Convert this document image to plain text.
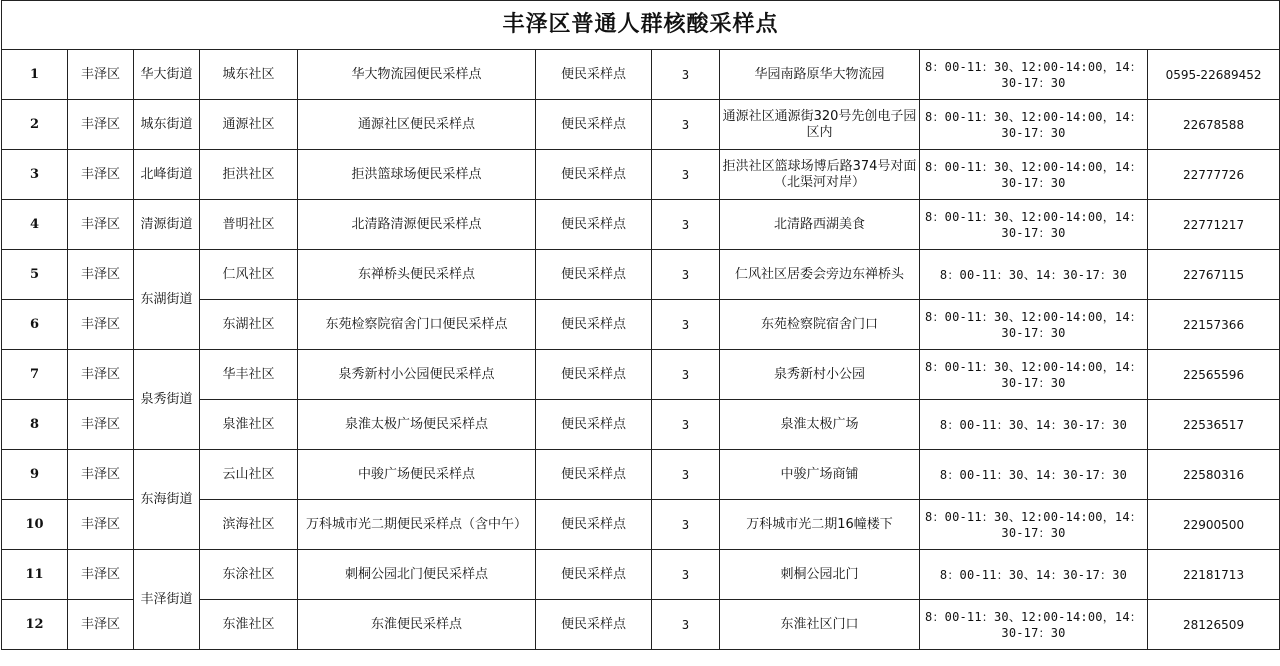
丰泽区普通人群核酸采样点									
1	丰泽区	华大街道	城东社区	华大物流园便民采样点	便民采样点	3	华园南路原华大物流园	8：00-11：30、12:00-14:00，14：30-17：30	0595-22689452
2	丰泽区	城东街道	通源社区	通源社区便民采样点	便民采样点	3	通源社区通源街320号先创电子园区内	8：00-11：30、12:00-14:00，14：30-17：30	22678588
3	丰泽区	北峰街道	拒洪社区	拒洪篮球场便民采样点	便民采样点	3	拒洪社区篮球场博后路374号对面（北渠河对岸）	8：00-11：30、12:00-14:00，14：30-17：30	22777726
4	丰泽区	清源街道	普明社区	北清路清源便民采样点	便民采样点	3	北清路西湖美食	8：00-11：30、12:00-14:00，14：30-17：30	22771217
5	丰泽区	东湖街道	仁风社区	东禅桥头便民采样点	便民采样点	3	仁风社区居委会旁边东禅桥头	8：00-11：30、14：30-17：30	22767115
6	丰泽区		东湖社区	东苑检察院宿舍门口便民采样点	便民采样点	3	东苑检察院宿舍门口	8：00-11：30、12:00-14:00，14：30-17：30	22157366
7	丰泽区	泉秀街道	华丰社区	泉秀新村小公园便民采样点	便民采样点	3	泉秀新村小公园	8：00-11：30、12:00-14:00，14：30-17：30	22565596
8	丰泽区		泉淮社区	泉淮太极广场便民采样点	便民采样点	3	泉淮太极广场	8：00-11：30、14：30-17：30	22536517
9	丰泽区	东海街道	云山社区	中骏广场便民采样点	便民采样点	3	中骏广场商铺	8：00-11：30、14：30-17：30	22580316
10	丰泽区		滨海社区	万科城市光二期便民采样点（含中午）	便民采样点	3	万科城市光二期16幢楼下	8：00-11：30、12:00-14:00，14：30-17：30	22900500
11	丰泽区	丰泽街道	东涂社区	刺桐公园北门便民采样点	便民采样点	3	刺桐公园北门	8：00-11：30、14：30-17：30	22181713
12	丰泽区		东淮社区	东淮便民采样点	便民采样点	3	东淮社区门口	8：00-11：30、12:00-14:00，14：30-17：30	28126509
